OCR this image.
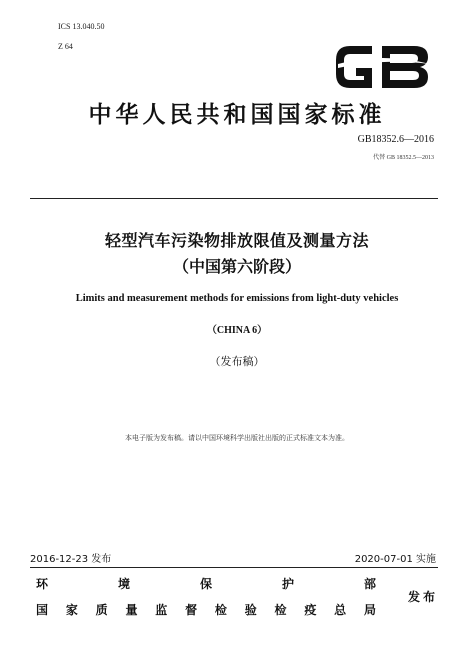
ICS 13.040.50
Z 64
中华人民共和国国家标准
GB18352.6—2016
代替 GB 18352.5—2013
轻型汽车污染物排放限值及测量方法
（中国第六阶段）
Limits and measurement methods for emissions from light-duty vehicles
（CHINA 6）
（发布稿）
本电子版为发布稿。请以中国环境科学出版社出版的正式标准文本为准。
2016-12-23 发布	2020-07-01 实施
环	境	保	护	部
国 家 质 量 监 督 检 验 检 疫 总 局
发布
